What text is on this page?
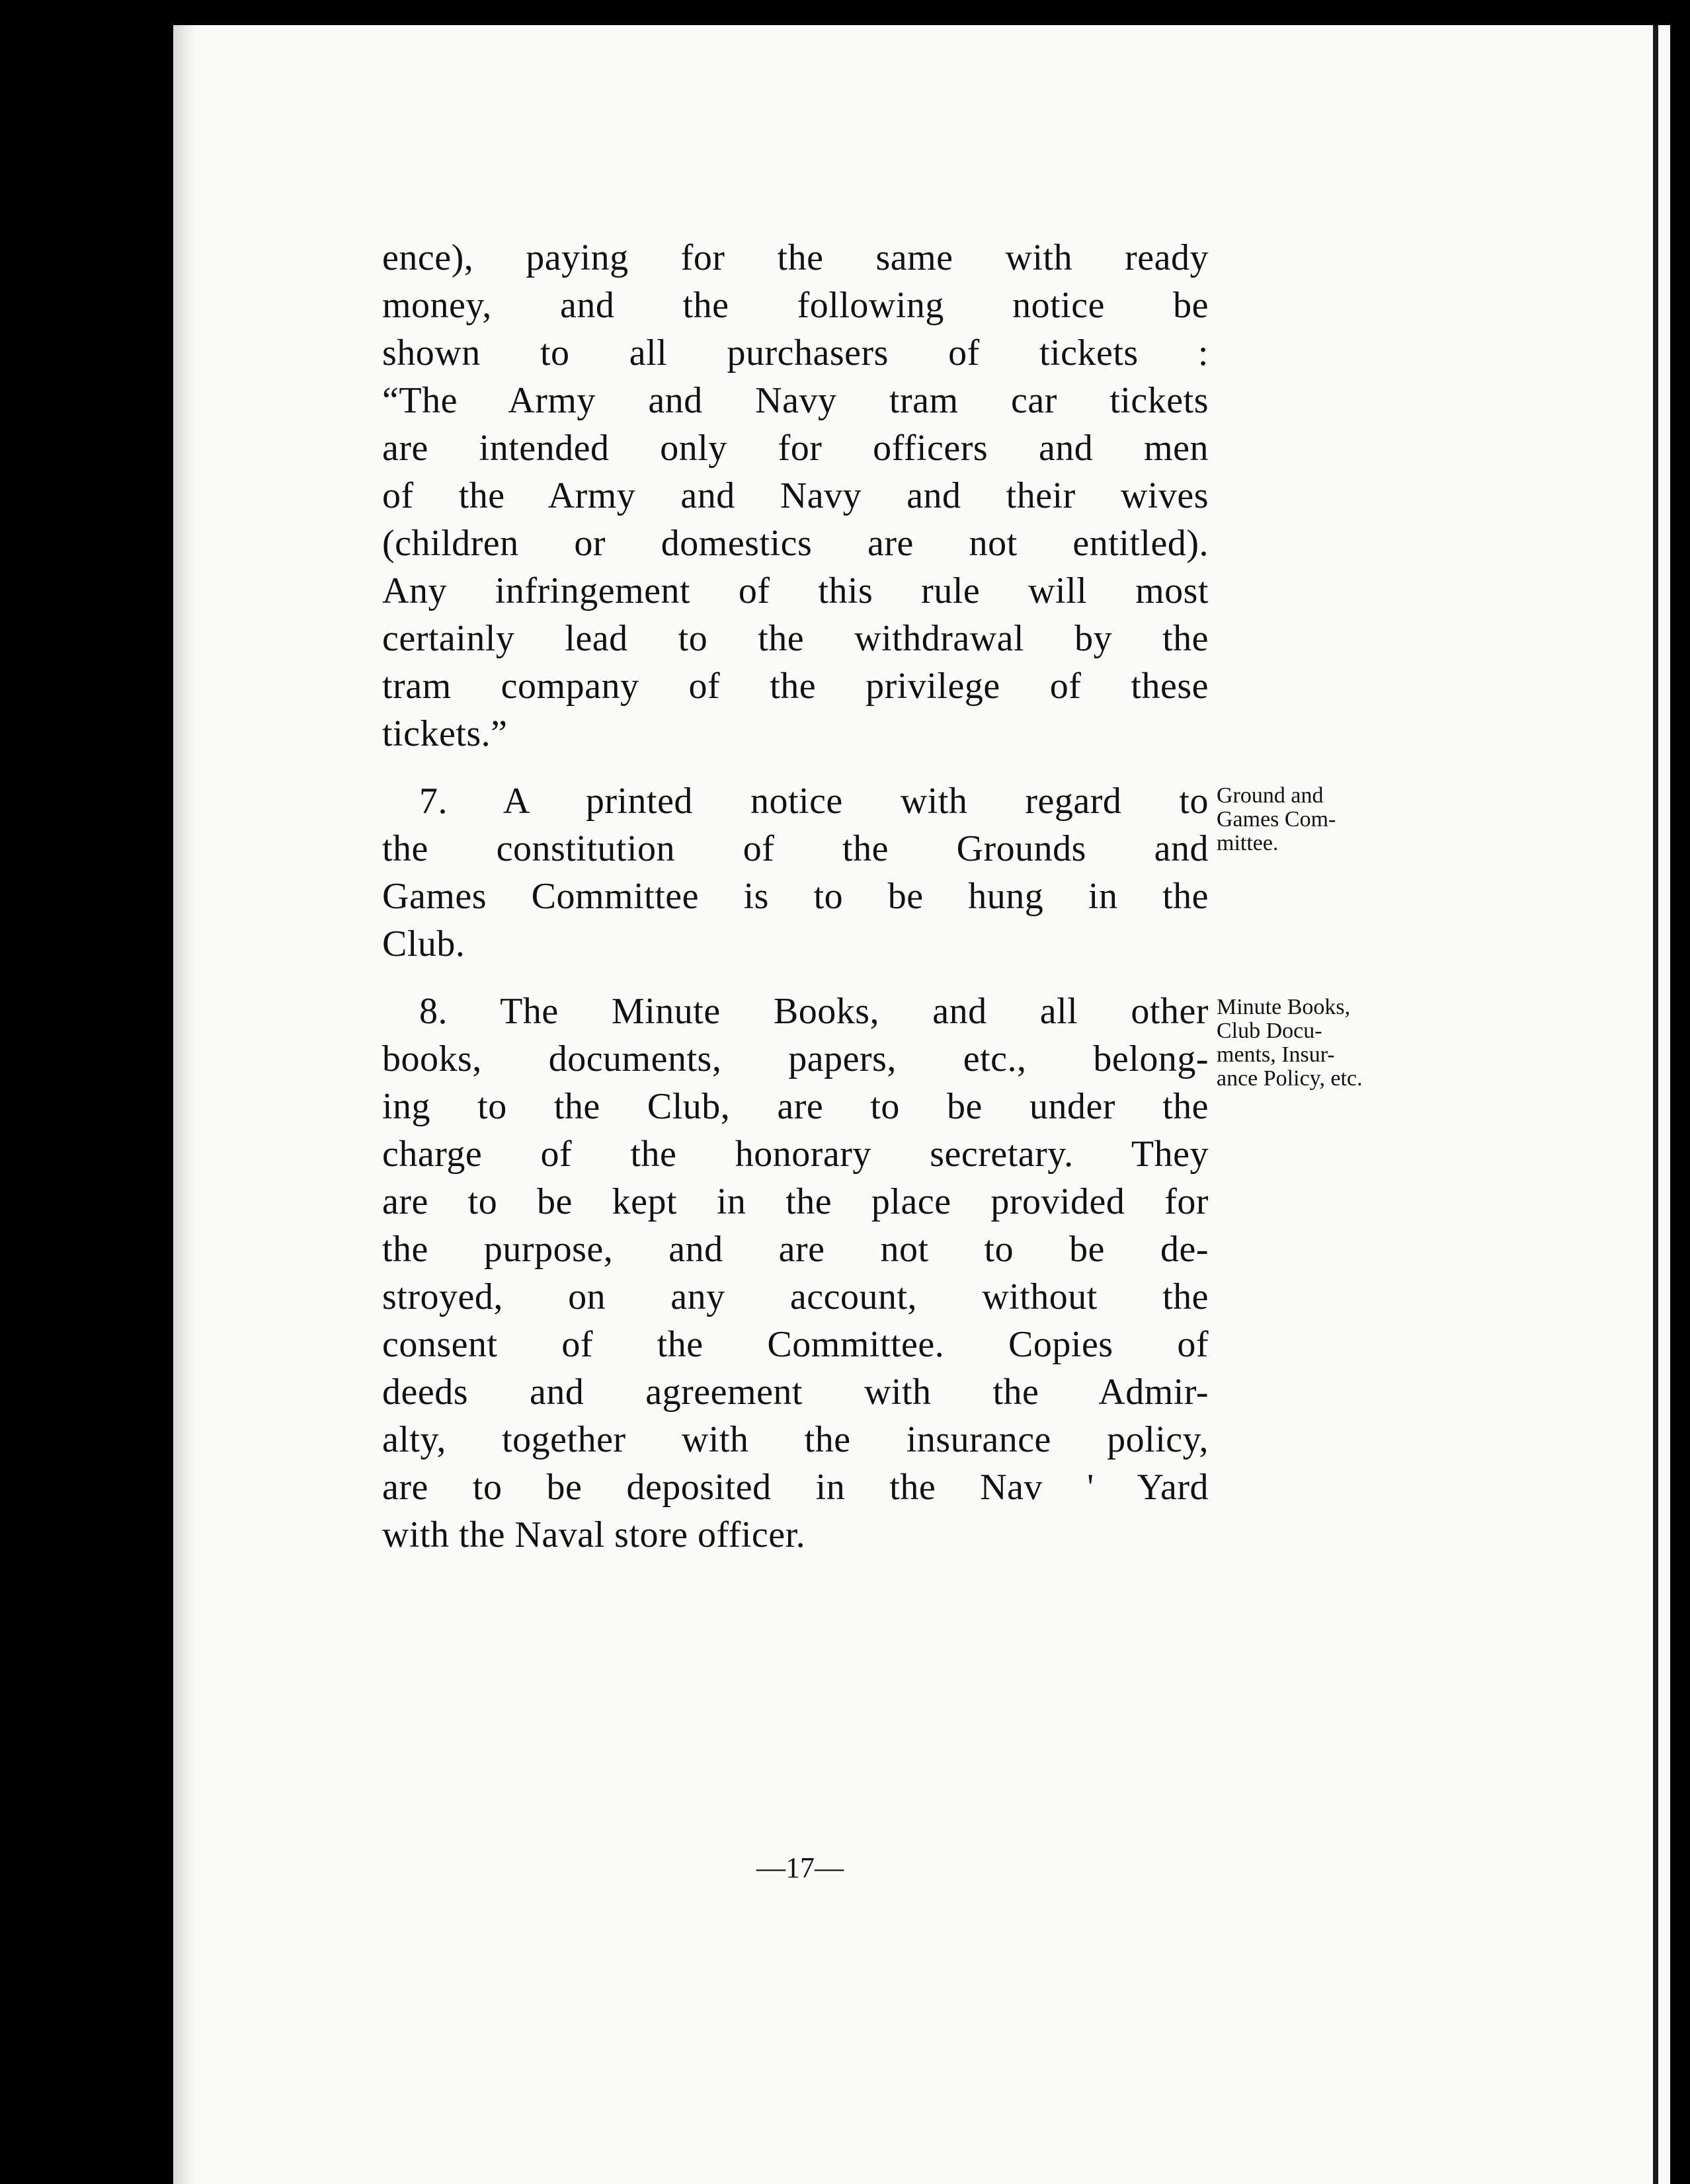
ence), paying for the same with ready
money, and the following notice be
shown to all purchasers of tickets :
“The Army and Navy tram car tickets
are intended only for officers and men
of the Army and Navy and their wives
(children or domestics are not entitled).
Any infringement of this rule will most
certainly lead to the withdrawal by the
tram company of the privilege of these
tickets.”
7. A printed notice with regard to
the constitution of the Grounds and
Games Committee is to be hung in the
Club.
Ground and
Games Com-
mittee.
8. The Minute Books, and all other
books, documents, papers, etc., belong-
ing to the Club, are to be under the
charge of the honorary secretary. They
are to be kept in the place provided for
the purpose, and are not to be de-
stroyed, on any account, without the
consent of the Committee. Copies of
deeds and agreement with the Admir-
alty, together with the insurance policy,
are to be deposited in the Nav ' Yard
with the Naval store officer.
Minute Books,
Club Docu-
ments, Insur-
ance Policy, etc.
—17—
